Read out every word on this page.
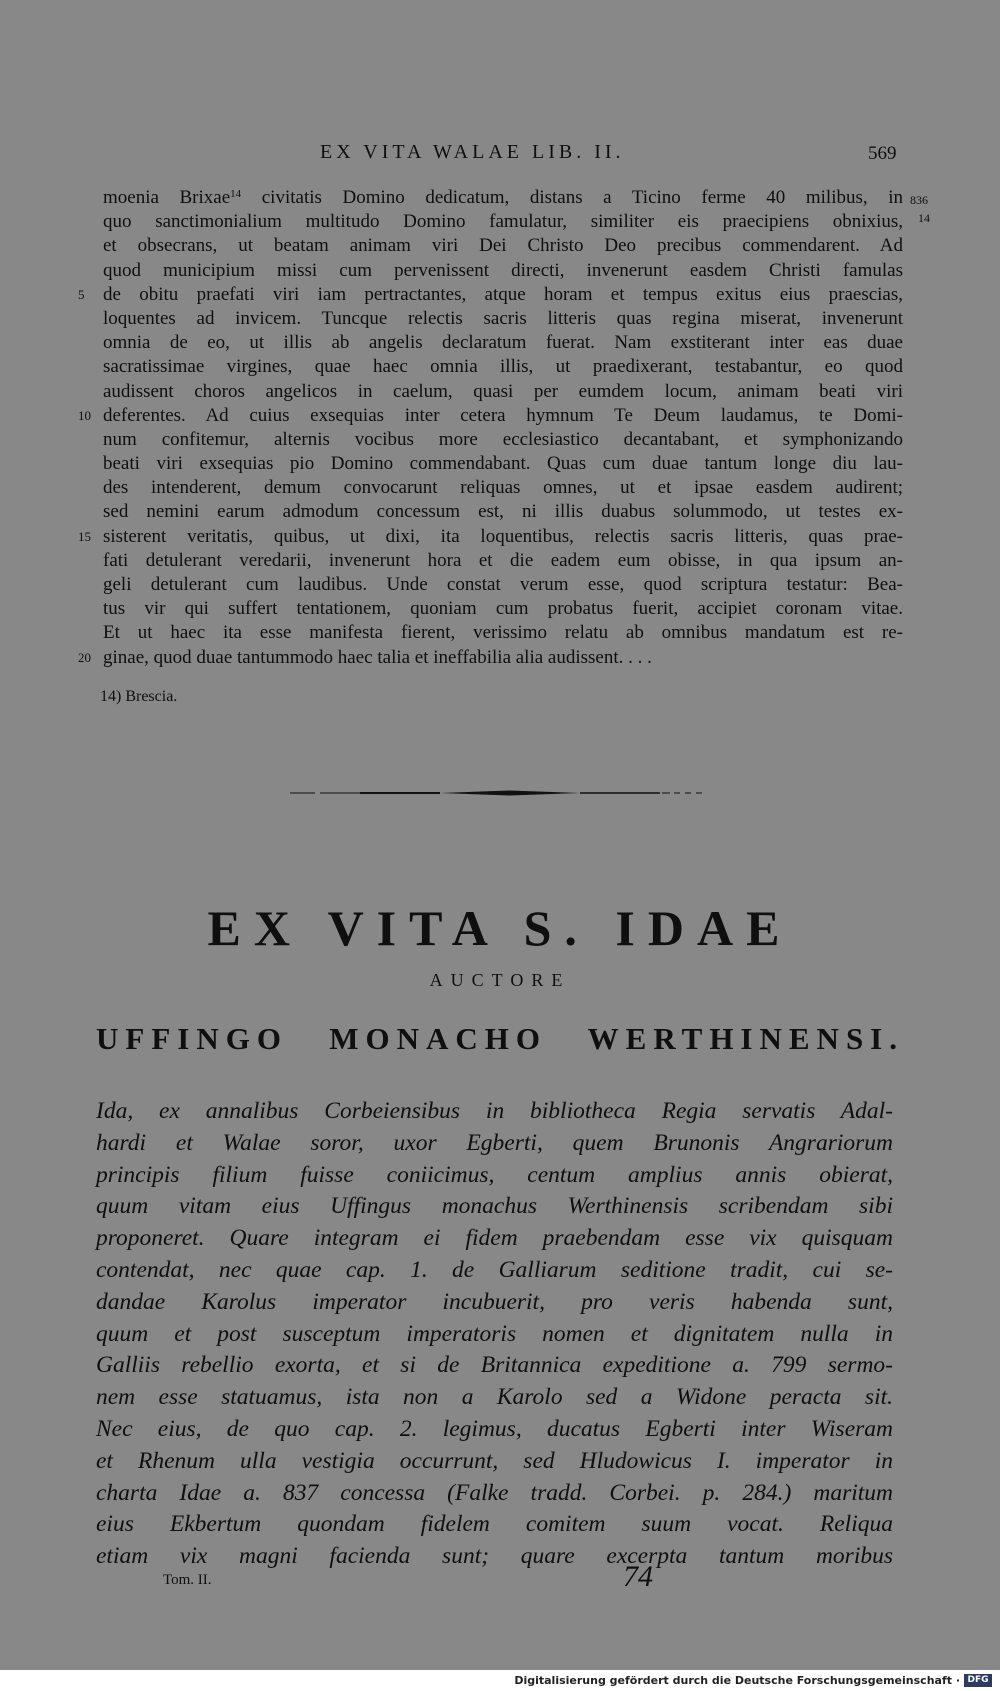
EX VITA WALAE LIB. II.	569
836
14
moenia Brixae$^{14}$ civitatis Domino dedicatum, distans a Ticino ferme 40 milibus, in
quo sanctimonialium multitudo Domino famulatur, similiter eis praecipiens obnixius,
et obsecrans, ut beatam animam viri Dei Christo Deo precibus commendarent. Ad
quod municipium missi cum pervenissent directi, invenerunt easdem Christi famulas
5 de obitu praefati viri iam pertractantes, atque horam et tempus exitus eius praescias,
loquentes ad invicem. Tuncque relectis sacris litteris quas regina miserat, invenerunt
omnia de eo, ut illis ab angelis declaratum fuerat. Nam exstiterant inter eas duae
sacratissimae virgines, quae haec omnia illis, ut praedixerant, testabantur, eo quod
audissent choros angelicos in caelum, quasi per eumdem locum, animam beati viri
10 deferentes. Ad cuius exsequias inter cetera hymnum Te Deum laudamus, te Domi-
num confitemur, alternis vocibus more ecclesiastico decantabant, et symphonizando
beati viri exsequias pio Domino commendabant. Quas cum duae tantum longe diu lau-
des intenderent, demum convocarunt reliquas omnes, ut et ipsae easdem audirent;
sed nemini earum admodum concessum est, ni illis duabus solummodo, ut testes ex-
15 sisterent veritatis, quibus, ut dixi, ita loquentibus, relectis sacris litteris, quas prae-
fati detulerant veredarii, invenerunt hora et die eadem eum obisse, in qua ipsum an-
geli detulerant cum laudibus. Unde constat verum esse, quod scriptura testatur: Bea-
tus vir qui suffert tentationem, quoniam cum probatus fuerit, accipiet coronam vitae.
Et ut haec ita esse manifesta fierent, verissimo relatu ab omnibus mandatum est re-
20 ginae, quod duae tantummodo haec talia et ineffabilia alia audissent. . . .
14) Brescia.
EX VITA S. IDAE
AUCTORE
UFFINGO MONACHO WERTHINENSI.
Ida, ex annalibus Corbeiensibus in bibliotheca Regia servatis Adal-
hardi et Walae soror, uxor Egberti, quem Brunonis Angrariorum
principis filium fuisse coniicimus, centum amplius annis obierat,
quum vitam eius Uffingus monachus Werthinensis scribendam sibi
proponeret. Quare integram ei fidem praebendam esse vix quisquam
contendat, nec quae cap. 1. de Galliarum seditione tradit, cui se-
dandae Karolus imperator incubuerit, pro veris habenda sunt,
quum et post susceptum imperatoris nomen et dignitatem nulla in
Galliis rebellio exorta, et si de Britannica expeditione a. 799 sermo-
nem esse statuamus, ista non a Karolo sed a Widone peracta sit.
Nec eius, de quo cap. 2. legimus, ducatus Egberti inter Wiseram
et Rhenum ulla vestigia occurrunt, sed Hludowicus I. imperator in
charta Idae a. 837 concessa (Falke tradd. Corbei. p. 284.) maritum
eius Ekbertum quondam fidelem comitem suum vocat. Reliqua
etiam vix magni facienda sunt; quare excerpta tantum moribus
Tom. II.	74
Digitalisierung gefördert durch die Deutsche Forschungsgemeinschaft · DFG
